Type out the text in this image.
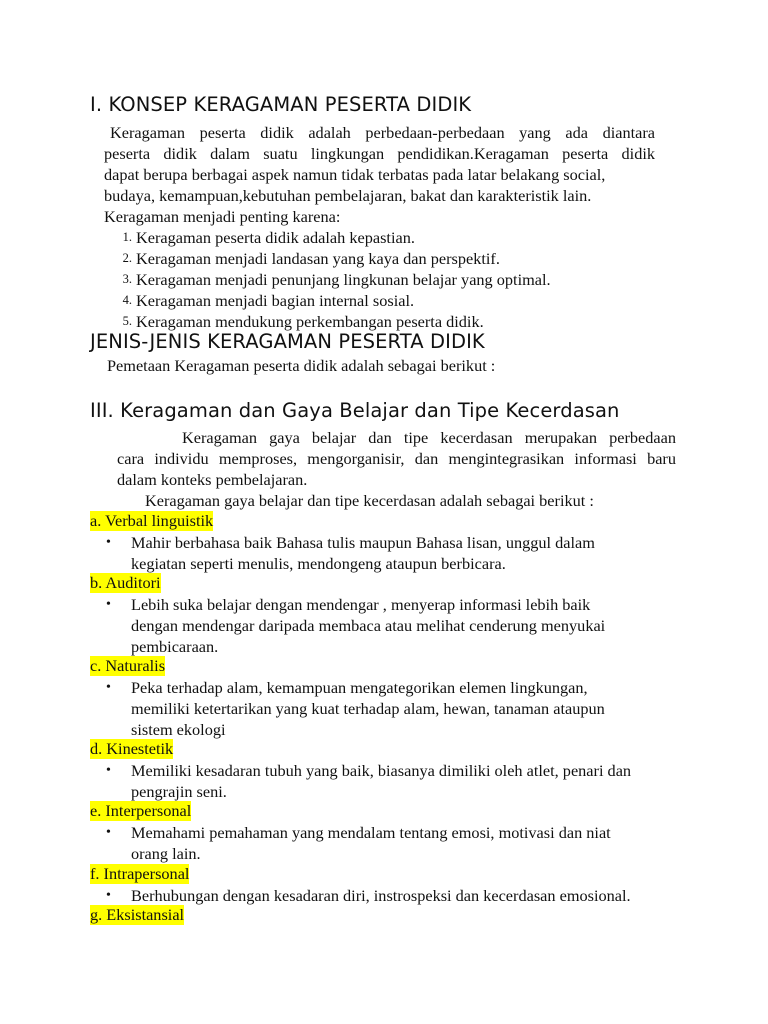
I. KONSEP KERAGAMAN PESERTA DIDIK
Keragaman peserta didik adalah perbedaan-perbedaan yang ada diantara
peserta didik dalam suatu lingkungan pendidikan.Keragaman peserta didik
dapat berupa berbagai aspek namun tidak terbatas pada latar belakang social,
budaya, kemampuan,kebutuhan pembelajaran, bakat dan karakteristik lain.
Keragaman menjadi penting karena:
1. Keragaman peserta didik adalah kepastian.
2. Keragaman menjadi landasan yang kaya dan perspektif.
3. Keragaman menjadi penunjang lingkunan belajar yang optimal.
4. Keragaman menjadi bagian internal sosial.
5. Keragaman mendukung perkembangan peserta didik.
JENIS-JENIS KERAGAMAN PESERTA DIDIK
Pemetaan Keragaman peserta didik adalah sebagai berikut :
III. Keragaman dan Gaya Belajar dan Tipe Kecerdasan
Keragaman gaya belajar dan tipe kecerdasan merupakan perbedaan
cara individu memproses, mengorganisir, dan mengintegrasikan informasi baru
dalam konteks pembelajaran.
Keragaman gaya belajar dan tipe kecerdasan adalah sebagai berikut :
a. Verbal linguistik
• Mahir berbahasa baik Bahasa tulis maupun Bahasa lisan, unggul dalam
kegiatan seperti menulis, mendongeng ataupun berbicara.
b. Auditori
• Lebih suka belajar dengan mendengar , menyerap informasi lebih baik
dengan mendengar daripada membaca atau melihat cenderung menyukai
pembicaraan.
c. Naturalis
• Peka terhadap alam, kemampuan mengategorikan elemen lingkungan,
memiliki ketertarikan yang kuat terhadap alam, hewan, tanaman ataupun
sistem ekologi
d. Kinestetik
• Memiliki kesadaran tubuh yang baik, biasanya dimiliki oleh atlet, penari dan
pengrajin seni.
e. Interpersonal
• Memahami pemahaman yang mendalam tentang emosi, motivasi dan niat
orang lain.
f. Intrapersonal
• Berhubungan dengan kesadaran diri, instrospeksi dan kecerdasan emosional.
g. Eksistansial
